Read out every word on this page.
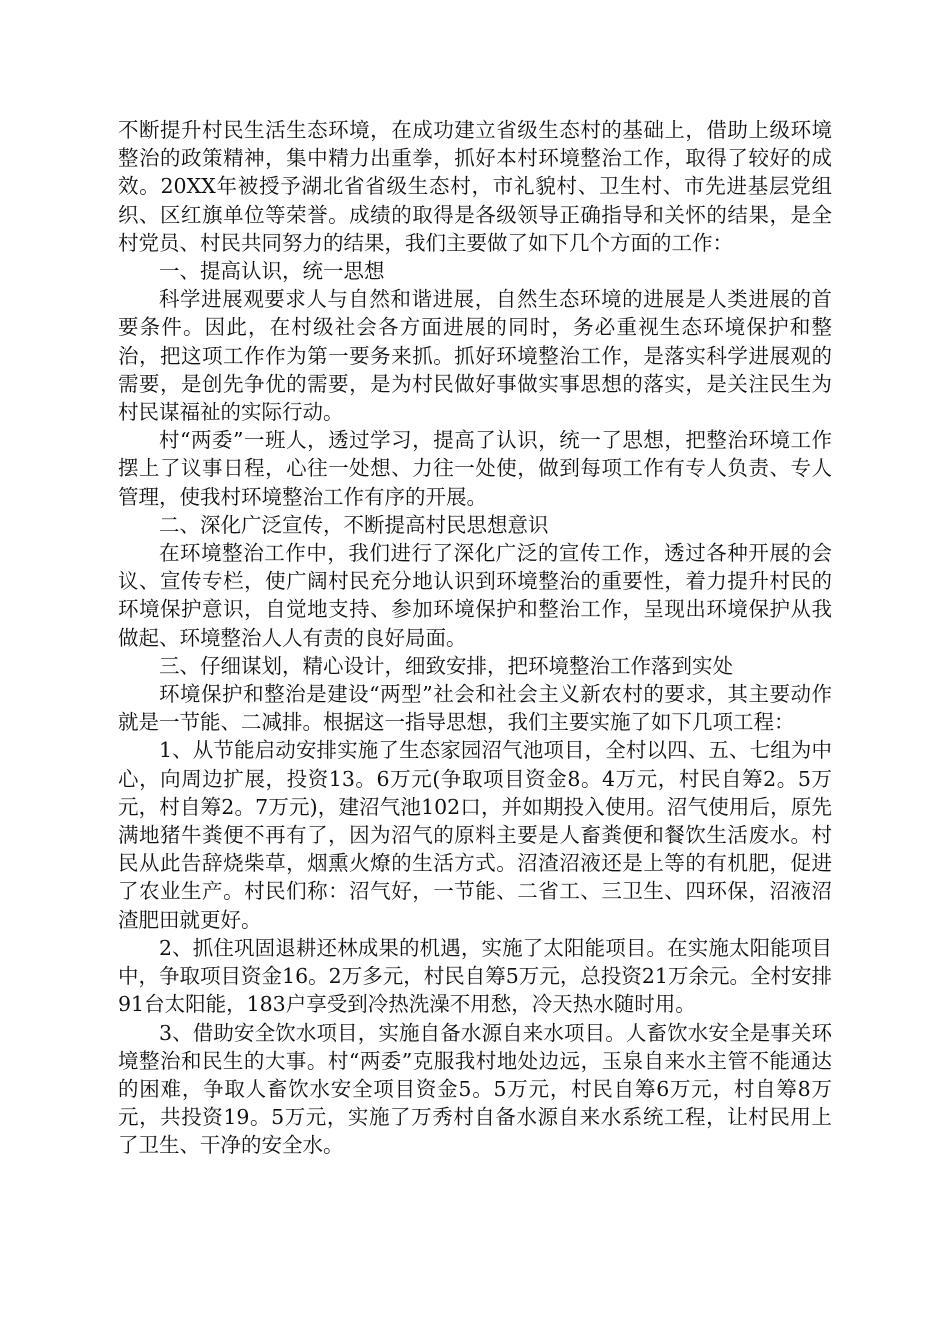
不断提升村民生活生态环境，在成功建立省级生态村的基础上，借助上级环境整治的政策精神，集中精力出重拳，抓好本村环境整治工作，取得了较好的成效。20XX年被授予湖北省省级生态村，市礼貌村、卫生村、市先进基层党组织、区红旗单位等荣誉。成绩的取得是各级领导正确指导和关怀的结果，是全村党员、村民共同努力的结果，我们主要做了如下几个方面的工作：

一、提高认识，统一思想

科学进展观要求人与自然和谐进展，自然生态环境的进展是人类进展的首要条件。因此，在村级社会各方面进展的同时，务必重视生态环境保护和整治，把这项工作作为第一要务来抓。抓好环境整治工作，是落实科学进展观的需要，是创先争优的需要，是为村民做好事做实事思想的落实，是关注民生为村民谋福祉的实际行动。

村“两委”一班人，透过学习，提高了认识，统一了思想，把整治环境工作摆上了议事日程，心往一处想、力往一处使，做到每项工作有专人负责、专人管理，使我村环境整治工作有序的开展。

二、深化广泛宣传，不断提高村民思想意识

在环境整治工作中，我们进行了深化广泛的宣传工作，透过各种开展的会议、宣传专栏，使广阔村民充分地认识到环境整治的重要性，着力提升村民的环境保护意识，自觉地支持、参加环境保护和整治工作，呈现出环境保护从我做起、环境整治人人有责的良好局面。

三、仔细谋划，精心设计，细致安排，把环境整治工作落到实处

环境保护和整治是建设“两型”社会和社会主义新农村的要求，其主要动作就是一节能、二减排。根据这一指导思想，我们主要实施了如下几项工程：

1、从节能启动安排实施了生态家园沼气池项目，全村以四、五、七组为中心，向周边扩展，投资13。6万元(争取项目资金8。4万元，村民自筹2。5万元，村自筹2。7万元)，建沼气池102口，并如期投入使用。沼气使用后，原先满地猪牛粪便不再有了，因为沼气的原料主要是人畜粪便和餐饮生活废水。村民从此告辞烧柴草，烟熏火燎的生活方式。沼渣沼液还是上等的有机肥，促进了农业生产。村民们称：沼气好，一节能、二省工、三卫生、四环保，沼液沼渣肥田就更好。

2、抓住巩固退耕还林成果的机遇，实施了太阳能项目。在实施太阳能项目中，争取项目资金16。2万多元，村民自筹5万元，总投资21万余元。全村安排91台太阳能，183户享受到冷热洗澡不用愁，冷天热水随时用。

3、借助安全饮水项目，实施自备水源自来水项目。人畜饮水安全是事关环境整治和民生的大事。村“两委”克服我村地处边远，玉泉自来水主管不能通达的困难，争取人畜饮水安全项目资金5。5万元，村民自筹6万元，村自筹8万元，共投资19。5万元，实施了万秀村自备水源自来水系统工程，让村民用上了卫生、干净的安全水。
